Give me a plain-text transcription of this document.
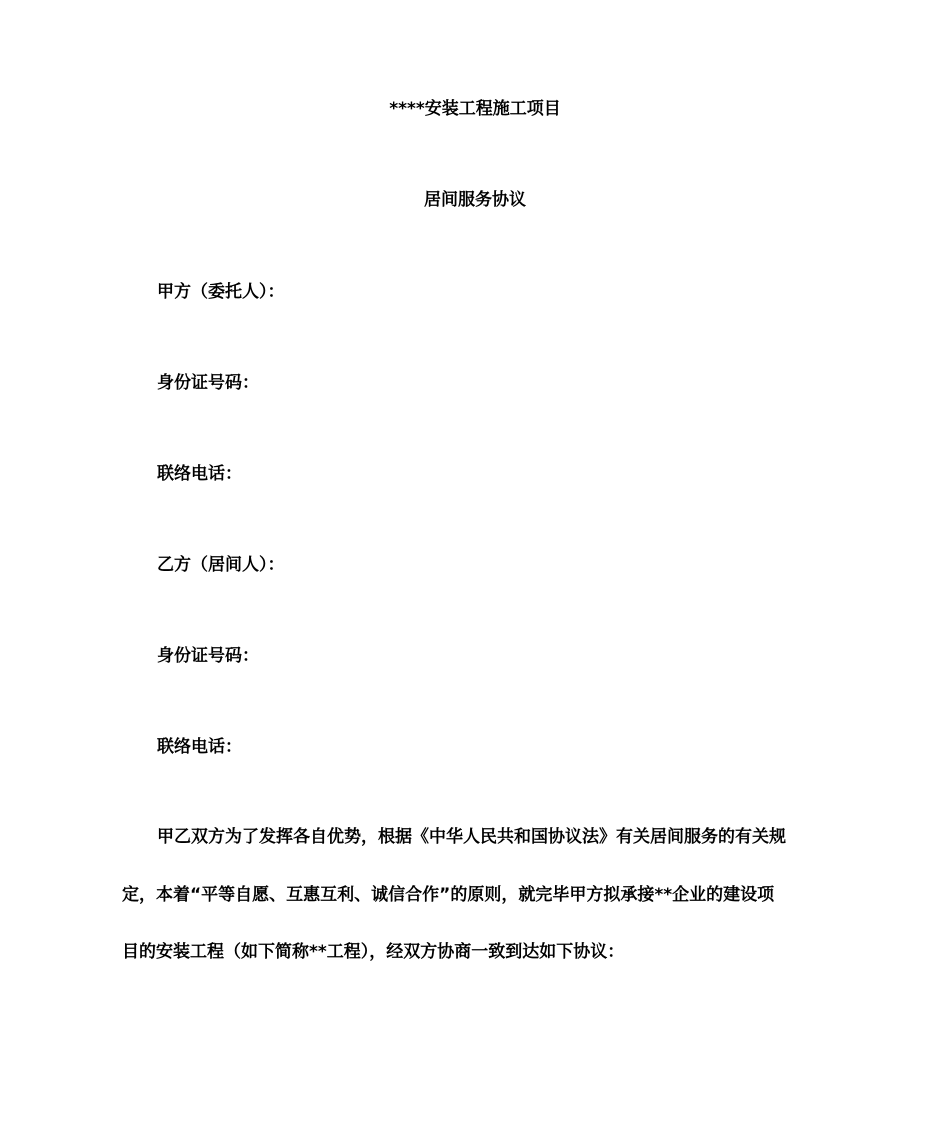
****安装工程施工项目
居间服务协议

甲方（委托人）：

身份证号码：

联络电话：

乙方（居间人）：

身份证号码：

联络电话：

甲乙双方为了发挥各自优势，根据《中华人民共和国协议法》有关居间服务的有关规

定，本着“平等自愿、互惠互利、诚信合作”的原则，就完毕甲方拟承接**企业的建设项

目的安装工程（如下简称**工程），经双方协商一致到达如下协议：
